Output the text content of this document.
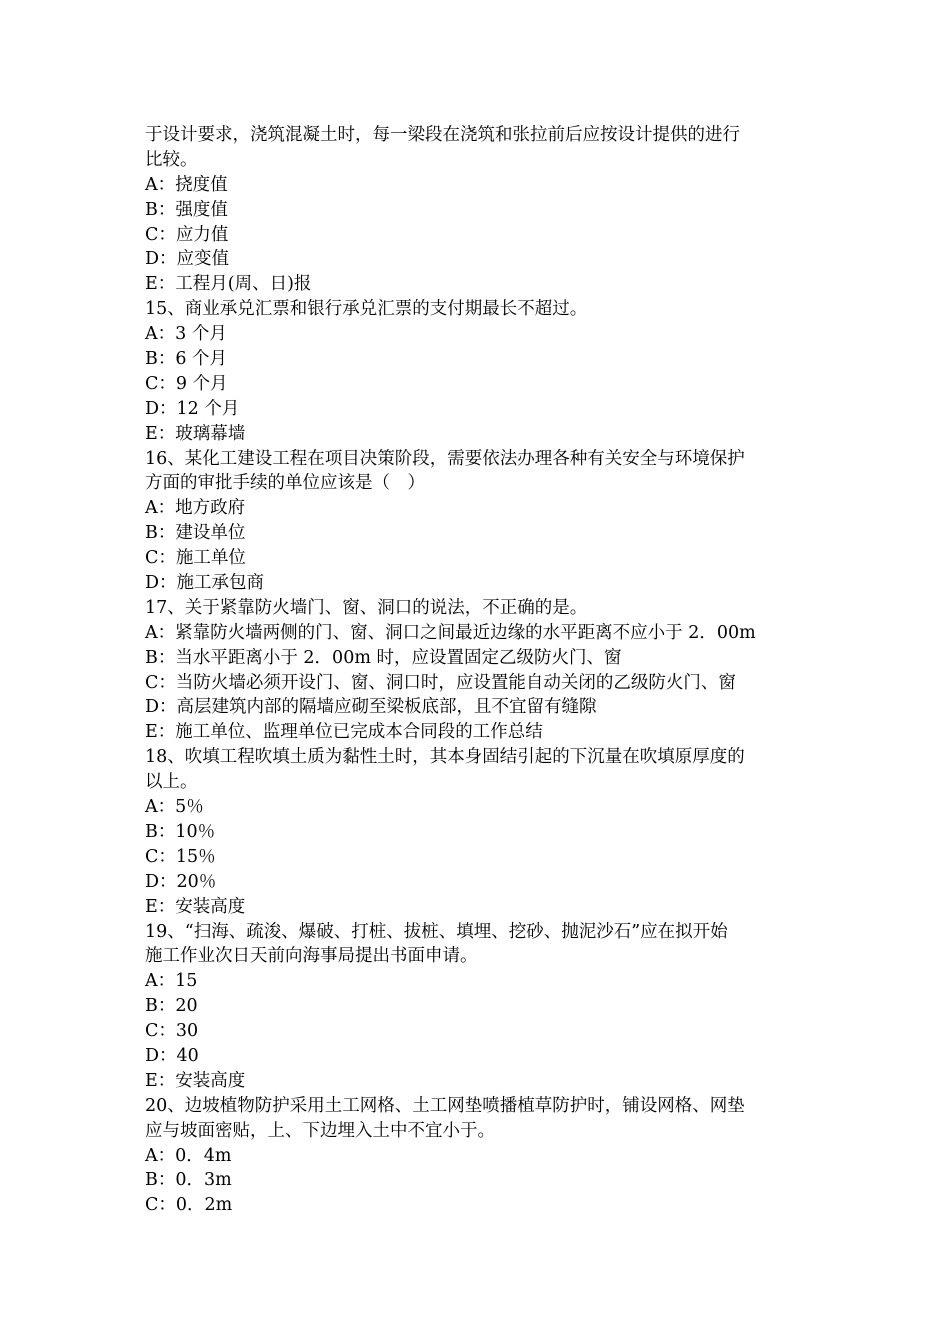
于设计要求，浇筑混凝土时，每一梁段在浇筑和张拉前后应按设计提供的进行
比较。
A：挠度值
B：强度值
C：应力值
D：应变值
E：工程月(周、日)报
15、商业承兑汇票和银行承兑汇票的支付期最长不超过。
A：3 个月
B：6 个月
C：9 个月
D：12 个月
E：玻璃幕墙
16、某化工建设工程在项目决策阶段，需要依法办理各种有关安全与环境保护
方面的审批手续的单位应该是（　）
A：地方政府
B：建设单位
C：施工单位
D：施工承包商
17、关于紧靠防火墙门、窗、洞口的说法，不正确的是。
A：紧靠防火墙两侧的门、窗、洞口之间最近边缘的水平距离不应小于 2．00m
B：当水平距离小于 2．00m 时，应设置固定乙级防火门、窗
C：当防火墙必须开设门、窗、洞口时，应设置能自动关闭的乙级防火门、窗
D：高层建筑内部的隔墙应砌至梁板底部，且不宜留有缝隙
E：施工单位、监理单位已完成本合同段的工作总结
18、吹填工程吹填土质为黏性土时，其本身固结引起的下沉量在吹填原厚度的
以上。
A：5％
B：10％
C：15％
D：20％
E：安装高度
19、“扫海、疏浚、爆破、打桩、拔桩、填埋、挖砂、抛泥沙石”应在拟开始
施工作业次日天前向海事局提出书面申请。
A：15
B：20
C：30
D：40
E：安装高度
20、边坡植物防护采用土工网格、土工网垫喷播植草防护时，铺设网格、网垫
应与坡面密贴，上、下边埋入土中不宜小于。
A：0．4m
B：0．3m
C：0．2m
